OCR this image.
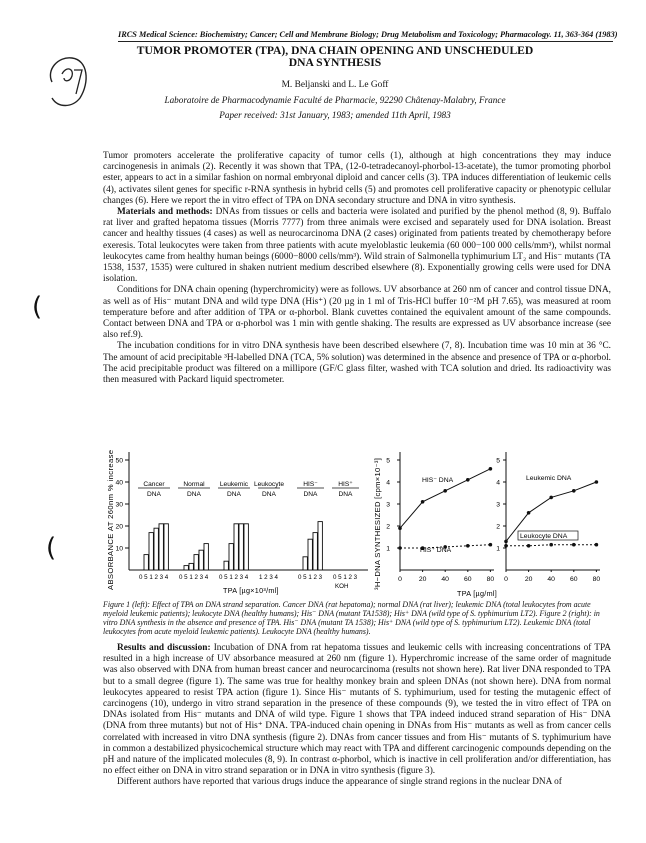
(
(
IRCS Medical Science: Biochemistry; Cancer; Cell and Membrane Biology; Drug Metabolism and Toxicology; Pharmacology. 11, 363-364 (1983)
TUMOR PROMOTER (TPA), DNA CHAIN OPENING AND UNSCHEDULED
DNA SYNTHESIS
M. Beljanski and L. Le Goff
Laboratoire de Pharmacodynamie Faculté de Pharmacie, 92290 Châtenay-Malabry, France
Paper received: 31st January, 1983; amended 11th April, 1983

Tumor promoters accelerate the proliferative capacity of tumor cells (1), although at high concentrations they may induce carcinogenesis in animals (2). Recently it was shown that TPA, (12-0-tetradecanoyl-phorbol-13-acetate), the tumor promoting phorbol ester, appears to act in a similar fashion on normal embryonal diploid and cancer cells (3). TPA induces differentiation of leukemic cells (4), activates silent genes for specific r-RNA synthesis in hybrid cells (5) and promotes cell proliferative capacity or phenotypic cellular changes (6). Here we report the in vitro effect of TPA on DNA secondary structure and DNA in vitro synthesis.

Materials and methods: DNAs from tissues or cells and bacteria were isolated and purified by the phenol method (8, 9). Buffalo rat liver and grafted hepatoma tissues (Morris 7777) from three animals were excised and separately used for DNA isolation. Breast cancer and healthy tissues (4 cases) as well as neurocarcinoma DNA (2 cases) originated from patients treated by chemotherapy before exeresis. Total leukocytes were taken from three patients with acute myeloblastic leukemia (60 000−100 000 cells/mm³), whilst normal leukocytes came from healthy human beings (6000−8000 cells/mm³). Wild strain of Salmonella typhimurium LT₂ and His⁻ mutants (TA 1538, 1537, 1535) were cultured in shaken nutrient medium described elsewhere (8). Exponentially growing cells were used for DNA isolation.

Conditions for DNA chain opening (hyperchromicity) were as follows. UV absorbance at 260 nm of cancer and control tissue DNA, as well as of His⁻ mutant DNA and wild type DNA (His⁺) (20 µg in 1 ml of Tris-HCl buffer 10⁻²M pH 7.65), was measured at room temperature before and after addition of TPA or α-phorbol. Blank cuvettes contained the equivalent amount of the same compounds. Contact between DNA and TPA or α-phorbol was 1 min with gentle shaking. The results are expressed as UV absorbance increase (see also ref.9).

The incubation conditions for in vitro DNA synthesis have been described elsewhere (7, 8). Incubation time was 10 min at 36 °C. The amount of acid precipitable ³H-labelled DNA (TCA, 5% solution) was determined in the absence and presence of TPA or α-phorbol. The acid precipitable product was filtered on a millipore (GF/C glass filter, washed with TCA solution and dried. Its radioactivity was then measured with Packard liquid spectrometer.

ABSORBANCE AT 260nm % increase 10
20
30
40
50
Cancer
DNA
0 5 1 2 3 4
Normal
DNA
0 5 1 2 3 4
Leukemic
DNA
0 5 1 2 3 4
Leukocyte
DNA
1 2 3 4
HIS⁻
DNA
0 5 1 2 3
HIS⁺
DNA
0 5 1 2 3
KOH
TPA [µg×10³/ml]
³H−DNA SYNTHESIZED [cpm×10⁻³] 1
2
3
4
5
0 20 40 60 80
1
2
3
4
5
0 20 40 60 80
HIS⁻ DNA
HIS⁺ DNA
Leukemic DNA
Leukocyte DNA
TPA [µg/ml]
Figure 1 (left): Effect of TPA on DNA strand separation. Cancer DNA (rat hepatoma); normal DNA (rat liver); leukemic DNA (total leukocytes from acute myeloid leukemic patients); leukocyte DNA (healthy humans); His⁻ DNA (mutant TA1538); His⁺ DNA (wild type of S. typhimurium LT2). Figure 2 (right): in vitro DNA synthesis in the absence and presence of TPA. His⁻ DNA (mutant TA 1538); His⁺ DNA (wild type of S. typhimurium LT2). Leukemic DNA (total leukocytes from acute myeloid leukemic patients). Leukocyte DNA (healthy humans).

Results and discussion: Incubation of DNA from rat hepatoma tissues and leukemic cells with increasing concentrations of TPA resulted in a high increase of UV absorbance measured at 260 nm (figure 1). Hyperchromic increase of the same order of magnitude was also observed with DNA from human breast cancer and neurocarcinoma (results not shown here). Rat liver DNA responded to TPA but to a small degree (figure 1). The same was true for healthy monkey brain and spleen DNAs (not shown here). DNA from normal leukocytes appeared to resist TPA action (figure 1). Since His⁻ mutants of S. typhimurium, used for testing the mutagenic effect of carcinogens (10), undergo in vitro strand separation in the presence of these compounds (9), we tested the in vitro effect of TPA on DNAs isolated from His⁻ mutants and DNA of wild type. Figure 1 shows that TPA indeed induced strand separation of His⁻ DNA (DNA from three mutants) but not of His⁺ DNA. TPA-induced chain opening in DNAs from His⁻ mutants as well as from cancer cells correlated with increased in vitro DNA synthesis (figure 2). DNAs from cancer tissues and from His⁻ mutants of S. typhimurium have in common a destabilized physicochemical structure which may react with TPA and different carcinogenic compounds depending on the pH and nature of the implicated molecules (8, 9). In contrast α-phorbol, which is inactive in cell proliferation and/or differentiation, has no effect either on DNA in vitro strand separation or in DNA in vitro synthesis (figure 3).

Different authors have reported that various drugs induce the appearance of single strand regions in the nuclear DNA of
